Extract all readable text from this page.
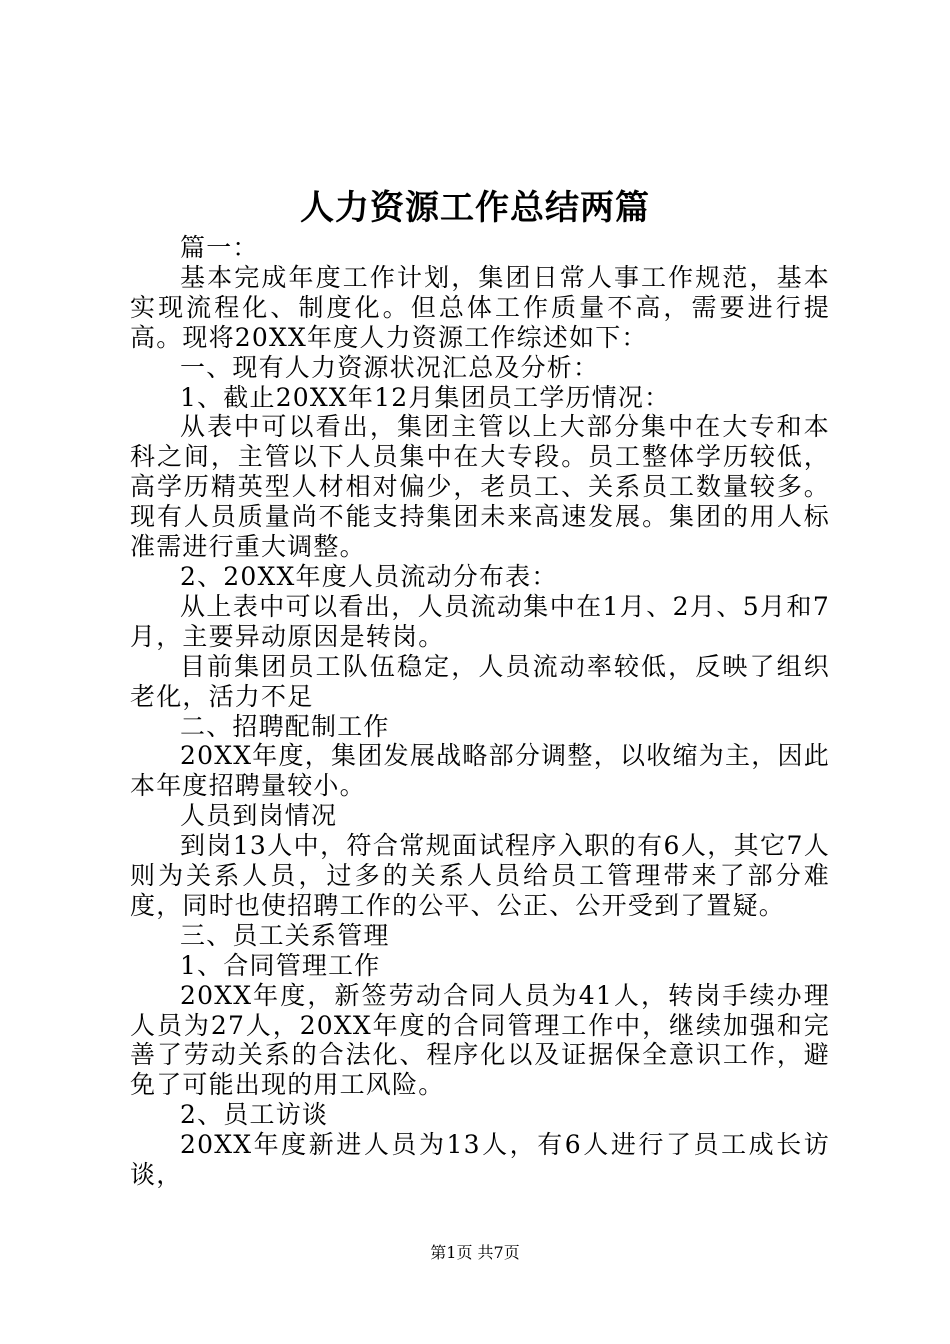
人力资源工作总结两篇

篇一：

基本完成年度工作计划，集团日常人事工作规范，基本实现流程化、制度化。但总体工作质量不高，需要进行提高。现将20XX年度人力资源工作综述如下：

一、现有人力资源状况汇总及分析：

1、截止20XX年12月集团员工学历情况：

从表中可以看出，集团主管以上大部分集中在大专和本科之间，主管以下人员集中在大专段。员工整体学历较低，高学历精英型人材相对偏少，老员工、关系员工数量较多。现有人员质量尚不能支持集团未来高速发展。集团的用人标准需进行重大调整。

2、20XX年度人员流动分布表：

从上表中可以看出，人员流动集中在1月、2月、5月和7月，主要异动原因是转岗。

目前集团员工队伍稳定，人员流动率较低，反映了组织老化，活力不足

二、招聘配制工作

20XX年度，集团发展战略部分调整，以收缩为主，因此本年度招聘量较小。

人员到岗情况

到岗13人中，符合常规面试程序入职的有6人，其它7人则为关系人员，过多的关系人员给员工管理带来了部分难度，同时也使招聘工作的公平、公正、公开受到了置疑。

三、员工关系管理

1、合同管理工作

20XX年度，新签劳动合同人员为41人，转岗手续办理人员为27人，20XX年度的合同管理工作中，继续加强和完善了劳动关系的合法化、程序化以及证据保全意识工作，避免了可能出现的用工风险。

2、员工访谈

20XX年度新进人员为13人，有6人进行了员工成长访谈，

第1页 共7页
